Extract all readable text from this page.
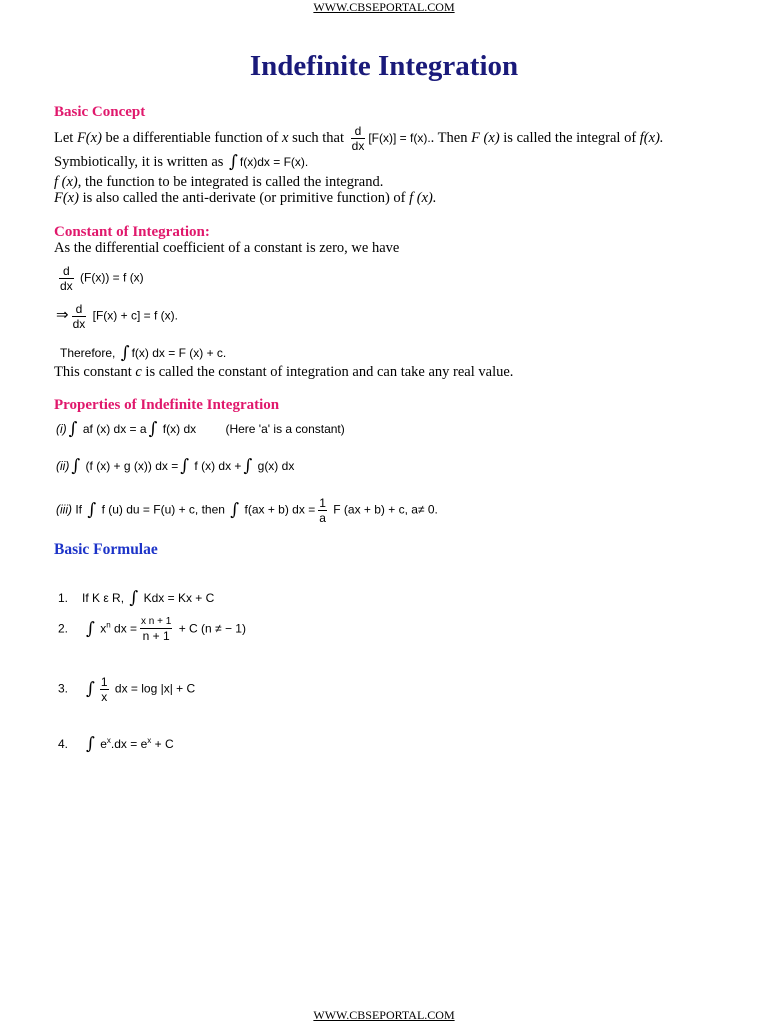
WWW.CBSEPORTAL.COM
Indefinite Integration
Basic Concept
Let F(x) be a differentiable function of x such that $\frac{d}{dx} [F(x)] = f(x)$.. Then F (x) is called the integral of f(x).
Symbiotically, it is written as ∫ f(x)dx = F(x).
f (x), the function to be integrated is called the integrand.
F(x) is also called the anti-derivate (or primitive function) of f (x).
Constant of Integration:
As the differential coefficient of a constant is zero, we have
$\frac{d}{dx} (F(x)) = f$ (x)
⇒ $\frac{d}{dx} [F(x) + c] = f$ (x).
Therefore, ∫ f(x) dx = F (x) + c.
This constant c is called the constant of integration and can take any real value.
Properties of Indefinite Integration
(i) ∫ af (x) dx = a ∫ f(x) dx (Here 'a' is a constant)
(ii) ∫ (f (x) + g (x)) dx = ∫ f (x) dx + ∫ g(x) dx
(iii) If ∫ f (u) du = F(u) + c, then ∫ f(ax + b) dx = $\frac{1}{a}$ F (ax + b) + c, a≠ 0.
Basic Formulae
1. If K ε R, ∫ Kdx = Kx + C
2. ∫ $x^n$ dx = $\frac{\text{x n + 1}}{n + 1} + C$ (n ≠ − 1)
3. ∫ $\frac{1}{x}$ dx = log |x| + C
4. ∫ $e^x.dx = e^x + C$
WWW.CBSEPORTAL.COM
